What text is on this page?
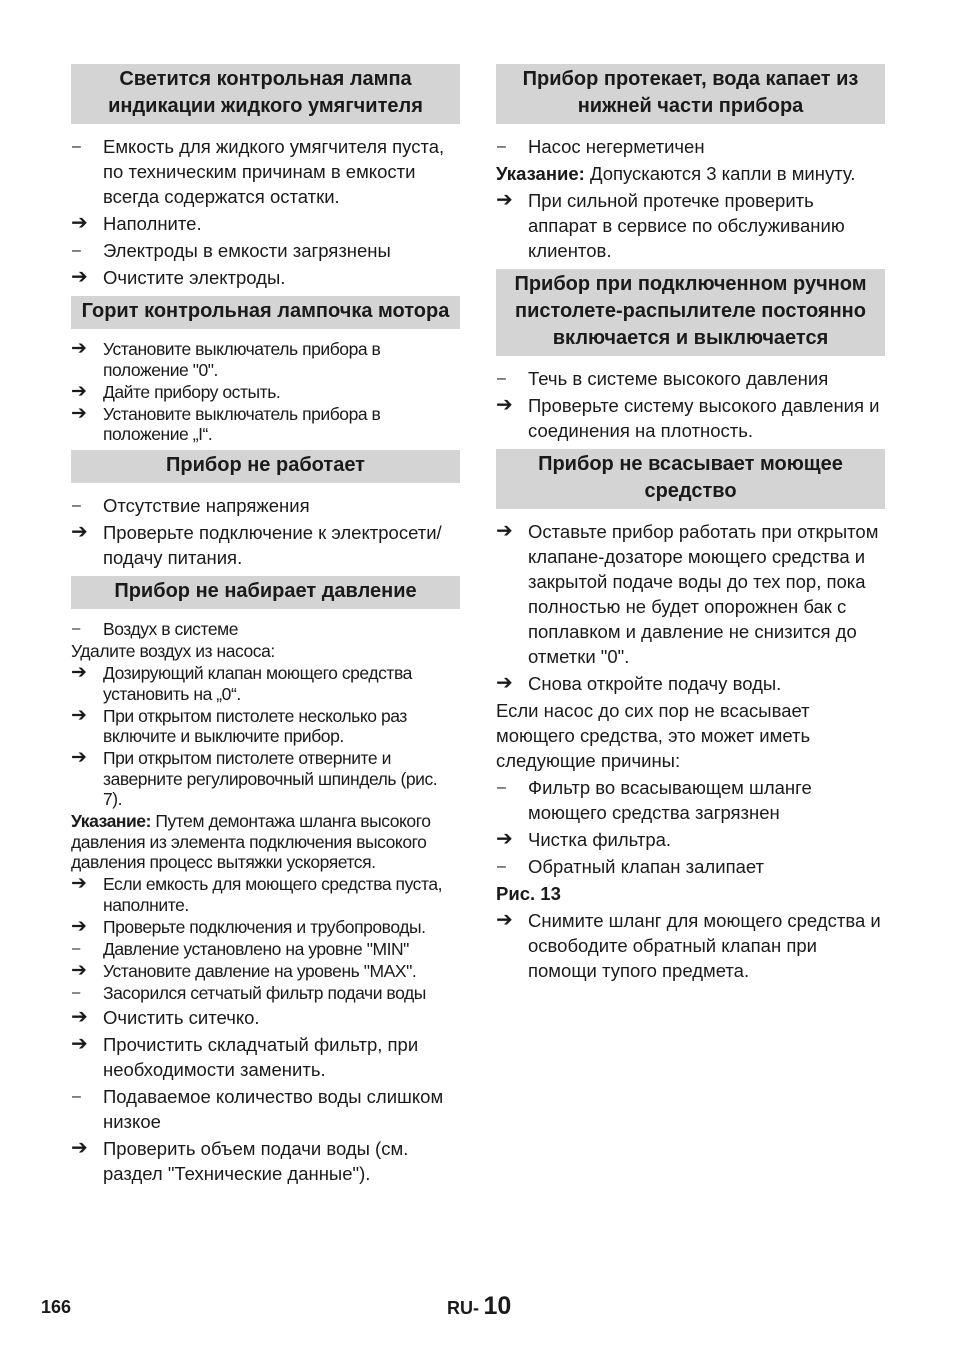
Светится контрольная лампа индикации жидкого умягчителя
–	Емкость для жидкого умягчителя пуста, по техническим причинам в емкости всегда содержатся остатки.
➔ Наполните.
–	Электроды в емкости загрязнены
➔ Очистите электроды.
Горит контрольная лампочка мотора
➔ Установите выключатель прибора в положение "0".
➔ Дайте прибору остыть.
➔ Установите выключатель прибора в положение „I“.
Прибор не работает
–	Отсутствие напряжения
➔ Проверьте подключение к электросети/подачу питания.
Прибор не набирает давление
–	Воздух в системе
Удалите воздух из насоса:
➔ Дозирующий клапан моющего средства установить на „0“.
➔ При открытом пистолете несколько раз включите и выключите прибор.
➔ При открытом пистолете отверните и заверните регулировочный шпиндель (рис. 7).
Указание: Путем демонтажа шланга высокого давления из элемента подключения высокого давления процесс вытяжки ускоряется.
➔ Если емкость для моющего средства пуста, наполните.
➔ Проверьте подключения и трубопроводы.
–	Давление установлено на уровне "MIN"
➔ Установите давление на уровень "MAX".
–	Засорился сетчатый фильтр подачи воды
➔ Очистить ситечко.
➔ Прочистить складчатый фильтр, при необходимости заменить.
–	Подаваемое количество воды слишком низкое
➔ Проверить объем подачи воды (см. раздел "Технические данные").
Прибор протекает, вода капает из нижней части прибора
–	Насос негерметичен
Указание: Допускаются 3 капли в минуту.
➔ При сильной протечке проверить аппарат в сервисе по обслуживанию клиентов.
Прибор при подключенном ручном пистолете-распылителе постоянно включается и выключается
–	Течь в системе высокого давления
➔ Проверьте систему высокого давления и соединения на плотность.
Прибор не всасывает моющее средство
➔ Оставьте прибор работать при открытом клапане-дозаторе моющего средства и закрытой подаче воды до тех пор, пока полностью не будет опорожнен бак с поплавком и давление не снизится до отметки "0".
➔ Снова откройте подачу воды.
Если насос до сих пор не всасывает моющего средства, это может иметь следующие причины:
–	Фильтр во всасывающем шланге моющего средства загрязнен
➔ Чистка фильтра.
–	Обратный клапан залипает
Рис. 13
➔ Снимите шланг для моющего средства и освободите обратный клапан при помощи тупого предмета.
166	RU- 10
